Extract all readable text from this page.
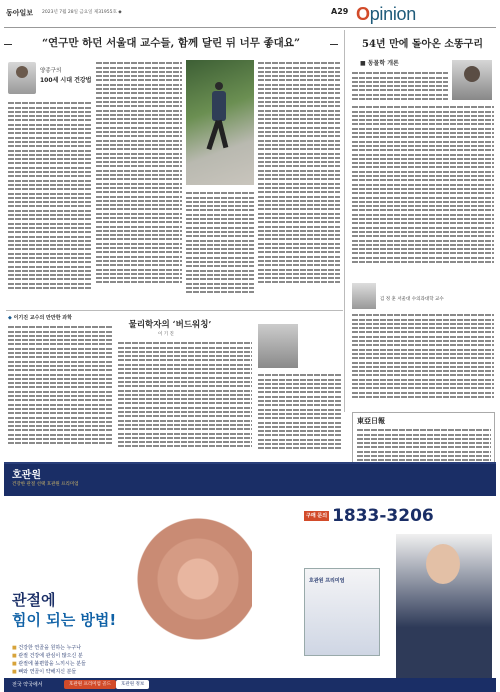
동아일보 2023년 7월 28일 금요일 제31955호 ◆	A29 Opinion
“연구만 하던 서울대 교수들, 함께 달린 뒤 너무 좋대요”
양종구의
100세 시대 건강법
54년 만에 돌아온 소똥구리
■ 동물학 개론
김 정 훈 서울대 수의과대학 교수
◆ 이기진 교수의 만만한 과학
물리학자의 ‘버드워칭’
이 기 진
東亞日報
호관원
건강한 관절 선택 호관원 프리미엄
구매 문의 1833-3206
호관원 프리미엄
관절에
힘이 되는 방법!
■ 건강한 연골을 원하는 누구나
■ 관절 건강에 관심이 많으신 분
■ 관절에 불편함을 느끼시는 분들
■ 뼈와 연골이 약해지신 분들
전국 약국에서	호관원 프리미엄 골드	호관원 정보
